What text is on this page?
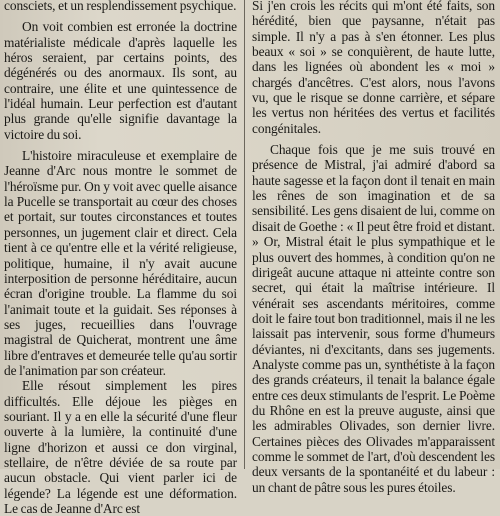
consciets, et un resplendissement psychique.

On voit combien est erronée la doctrine matérialiste médicale d'après laquelle les héros seraient, par certains points, des dégénérés ou des anormaux. Ils sont, au contraire, une élite et une quintessence de l'idéal humain. Leur perfection est d'autant plus grande qu'elle signifie davantage la victoire du soi.

L'histoire miraculeuse et exemplaire de Jeanne d'Arc nous montre le sommet de l'héroïsme pur. On y voit avec quelle aisance la Pucelle se transportait au cœur des choses et portait, sur toutes circonstances et toutes personnes, un jugement clair et direct. Cela tient à ce qu'entre elle et la vérité religieuse, politique, humaine, il n'y avait aucune interposition de personne héréditaire, aucun écran d'origine trouble. La flamme du soi l'animait toute et la guidait. Ses réponses à ses juges, recueillies dans l'ouvrage magistral de Quicherat, montrent une âme libre d'entraves et demeurée telle qu'au sortir de l'animation par son créateur.

Elle résout simplement les pires difficultés. Elle déjoue les pièges en souriant. Il y a en elle la sécurité d'une fleur ouverte à la lumière, la continuité d'une ligne d'horizon et aussi ce don virginal, stellaire, de n'être déviée de sa route par aucun obstacle. Qui vient parler ici de légende? La légende est une déformation. Le cas de Jeanne d'Arc est

Si j'en crois les récits qui m'ont été faits, son hérédité, bien que paysanne, n'était pas simple. Il n'y a pas à s'en étonner. Les plus beaux « soi » se conquièrent, de haute lutte, dans les lignées où abondent les « moi » chargés d'ancêtres. C'est alors, nous l'avons vu, que le risque se donne carrière, et sépare les vertus non héritées des vertus et facilités congénitales.

Chaque fois que je me suis trouvé en présence de Mistral, j'ai admiré d'abord sa haute sagesse et la façon dont il tenait en main les rênes de son imagination et de sa sensibilité. Les gens disaient de lui, comme on disait de Goethe : « Il peut être froid et distant. » Or, Mistral était le plus sympathique et le plus ouvert des hommes, à condition qu'on ne dirigeât aucune attaque ni atteinte contre son secret, qui était la maîtrise intérieure. Il vénérait ses ascendants méritoires, comme doit le faire tout bon traditionnel, mais il ne les laissait pas intervenir, sous forme d'humeurs déviantes, ni d'excitants, dans ses jugements. Analyste comme pas un, synthétiste à la façon des grands créateurs, il tenait la balance égale entre ces deux stimulants de l'esprit. Le Poème du Rhône en est la preuve auguste, ainsi que les admirables Olivades, son dernier livre. Certaines pièces des Olivades m'apparaissent comme le sommet de l'art, d'où descendent les deux versants de la spontanéité et du labeur : un chant de pâtre sous les pures étoiles.
